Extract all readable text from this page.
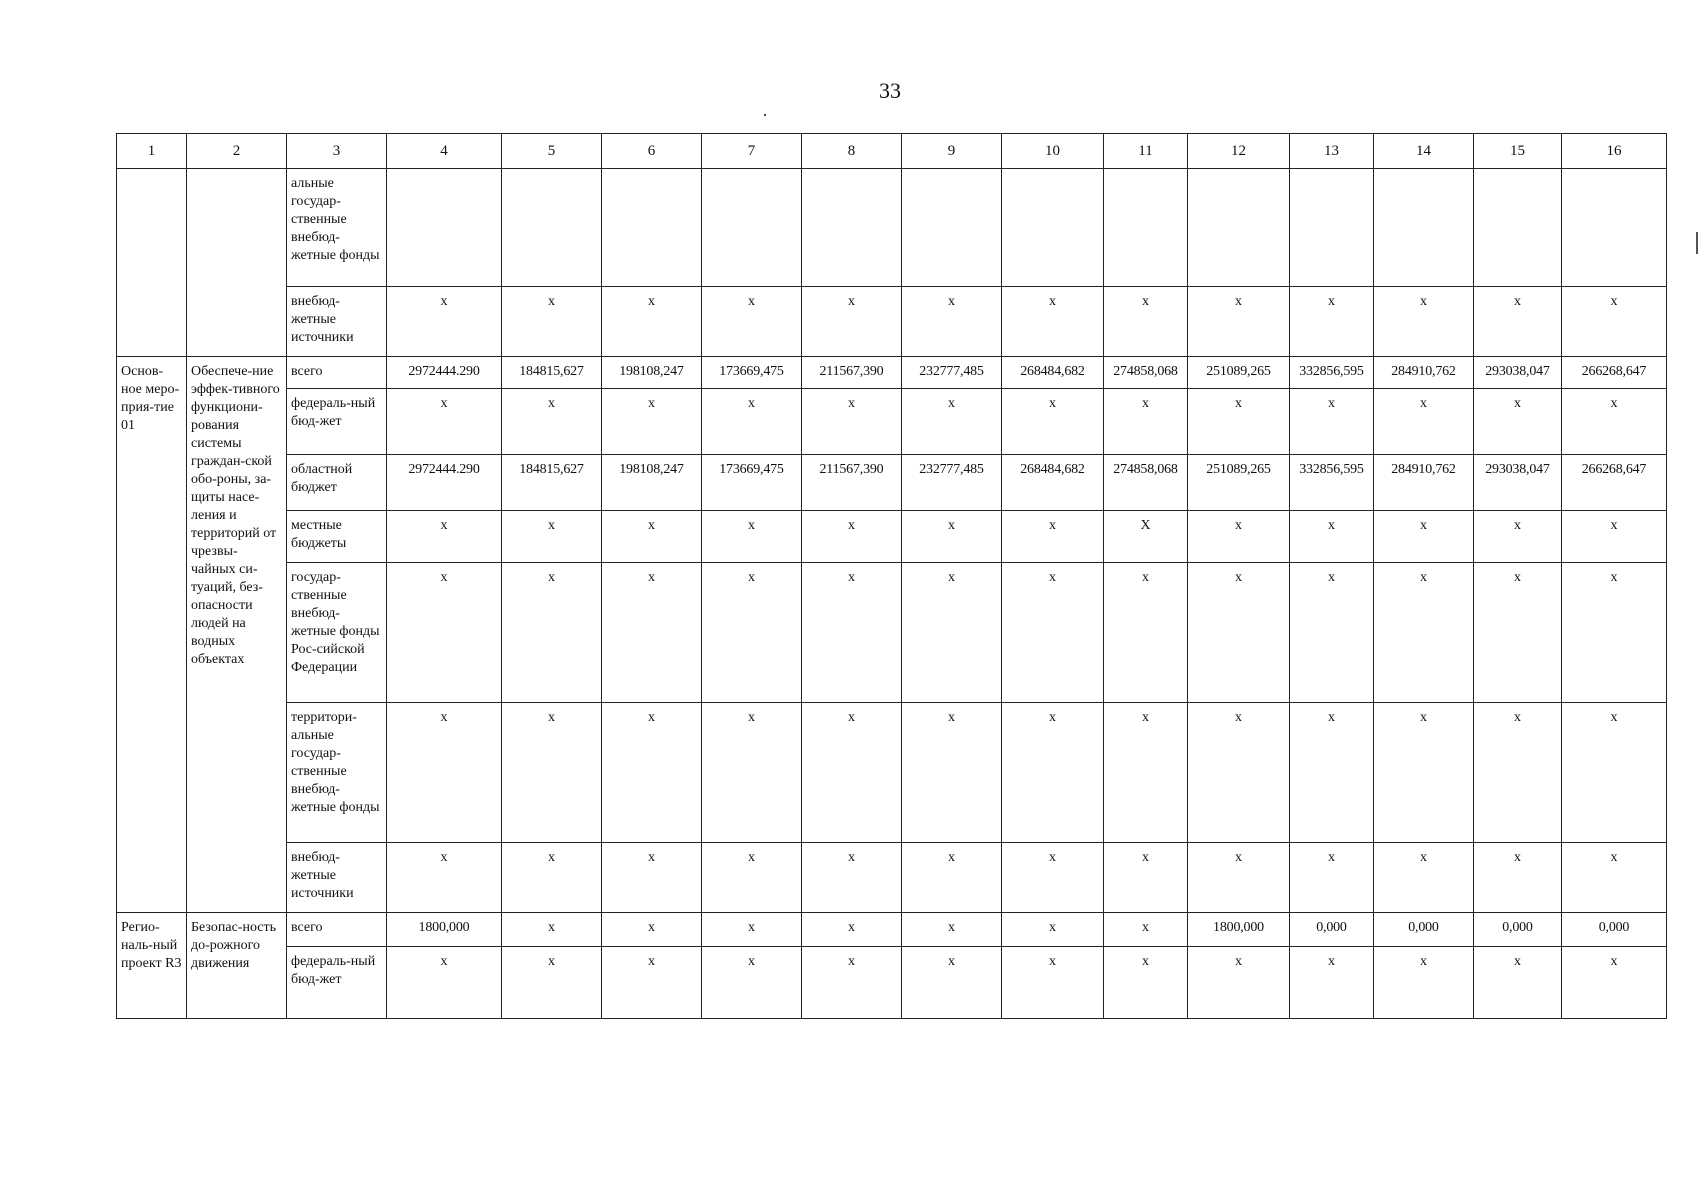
33
1	2	3	4	5	6	7	8	9	10	11	12	13	14	15	16
		альные государ-ственные внебюд-жетные фонды													
		внебюд-жетные источники	x	x	x	x	x	x	x	x	x	x	x	x	x
Основ-ное меро-прия-тие 01	Обеспече-ние эффек-тивного функциони-рования системы граждан-ской обо-роны, за-щиты насе-ления и территорий от чрезвы-чайных си-туаций, без-опасности людей на водных объектах	всего	2972444.290	184815,627	198108,247	173669,475	211567,390	232777,485	268484,682	274858,068	251089,265	332856,595	284910,762	293038,047	266268,647
		федераль-ный бюд-жет	x	x	x	x	x	x	x	x	x	x	x	x	x
		областной бюджет	2972444.290	184815,627	198108,247	173669,475	211567,390	232777,485	268484,682	274858,068	251089,265	332856,595	284910,762	293038,047	266268,647
		местные бюджеты	x	x	x	x	x	x	x	X	x	x	x	x	x
		государ-ственные внебюд-жетные фонды Рос-сийской Федерации	x	x	x	x	x	x	x	x	x	x	x	x	x
		территори-альные государ-ственные внебюд-жетные фонды	x	x	x	x	x	x	x	x	x	x	x	x	x
		внебюд-жетные источники	x	x	x	x	x	x	x	x	x	x	x	x	x
Регио-наль-ный проект R3	Безопас-ность до-рожного движения	всего	1800,000	x	x	x	x	x	x	x	1800,000	0,000	0,000	0,000	0,000
		федераль-ный бюд-жет	x	x	x	x	x	x	x	x	x	x	x	x	x
